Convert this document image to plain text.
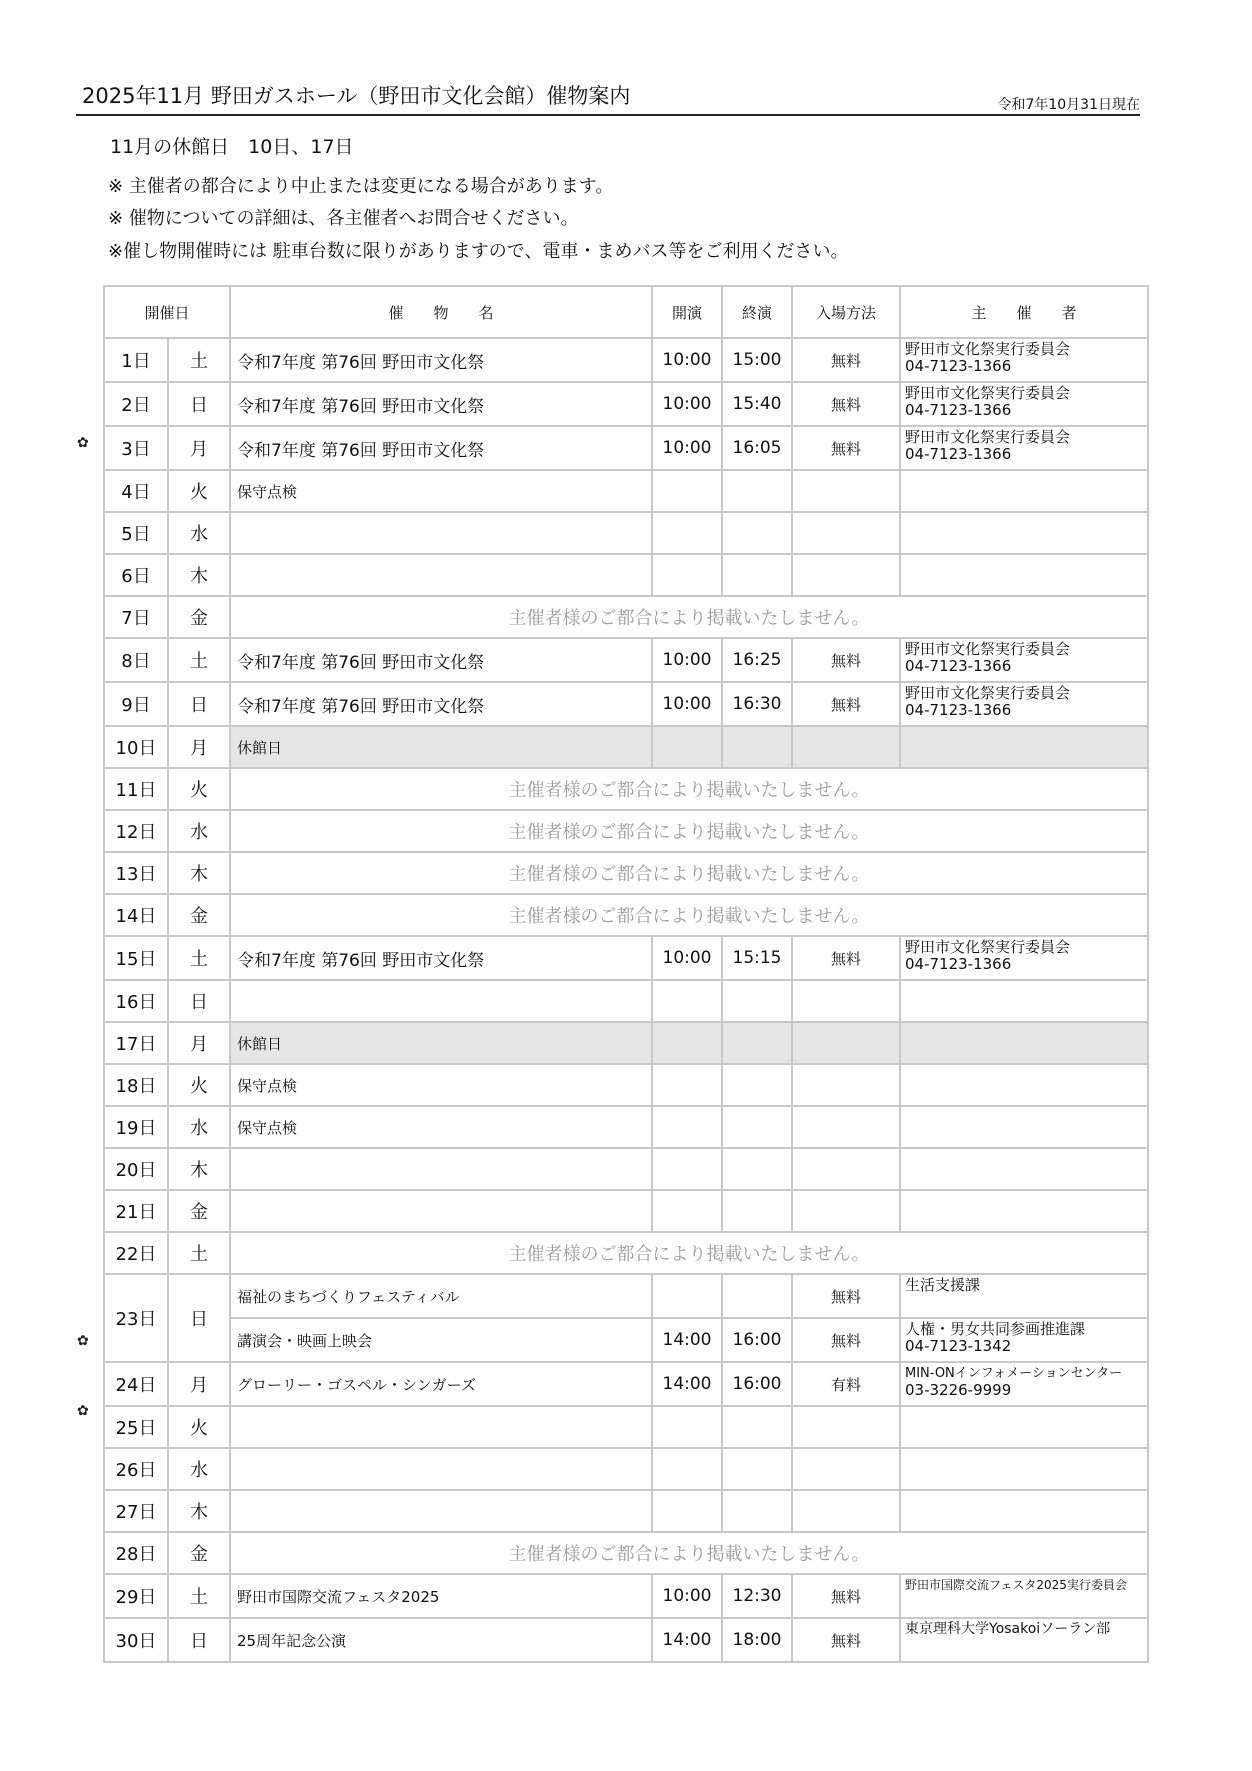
2025年11月 野田ガスホール（野田市文化会館）催物案内	令和7年10月31日現在
11月の休館日　10日、17日
※ 主催者の都合により中止または変更になる場合があります。
※ 催物についての詳細は、各主催者へお問合せください。
※催し物開催時には 駐車台数に限りがありますので、電車・まめバス等をご利用ください。
✿
✿
✿
開催日		催　　物　　名	開演	終演	入場方法	主　　催　　者
1日	土	令和7年度 第76回 野田市文化祭	10:00	15:00	無料	野田市文化祭実行委員会
04-7123-1366

2日	日	令和7年度 第76回 野田市文化祭	10:00	15:40	無料	野田市文化祭実行委員会
04-7123-1366

3日	月	令和7年度 第76回 野田市文化祭	10:00	16:05	無料	野田市文化祭実行委員会
04-7123-1366

4日	火	保守点検				
5日	水					
6日	木					
7日	金	主催者様のご都合により掲載いたしません。				
8日	土	令和7年度 第76回 野田市文化祭	10:00	16:25	無料	野田市文化祭実行委員会
04-7123-1366

9日	日	令和7年度 第76回 野田市文化祭	10:00	16:30	無料	野田市文化祭実行委員会
04-7123-1366

10日	月	休館日				
11日	火	主催者様のご都合により掲載いたしません。				
12日	水	主催者様のご都合により掲載いたしません。				
13日	木	主催者様のご都合により掲載いたしません。				
14日	金	主催者様のご都合により掲載いたしません。				
15日	土	令和7年度 第76回 野田市文化祭	10:00	15:15	無料	野田市文化祭実行委員会
04-7123-1366

16日	日					
17日	月	休館日				
18日	火	保守点検				
19日	水	保守点検				
20日	木					
21日	金					
22日	土	主催者様のご都合により掲載いたしません。				
23日	日	福祉のまちづくりフェスティバル			無料	生活支援課

		講演会・映画上映会	14:00	16:00	無料	人権・男女共同参画推進課
04-7123-1342

24日	月	グローリー・ゴスペル・シンガーズ	14:00	16:00	有料	MIN-ONインフォメーションセンター
03-3226-9999

25日	火					
26日	水					
27日	木					
28日	金	主催者様のご都合により掲載いたしません。				
29日	土	野田市国際交流フェスタ2025	10:00	12:30	無料	野田市国際交流フェスタ2025実行委員会

30日	日	25周年記念公演	14:00	18:00	無料	東京理科大学Yosakoiソーラン部
